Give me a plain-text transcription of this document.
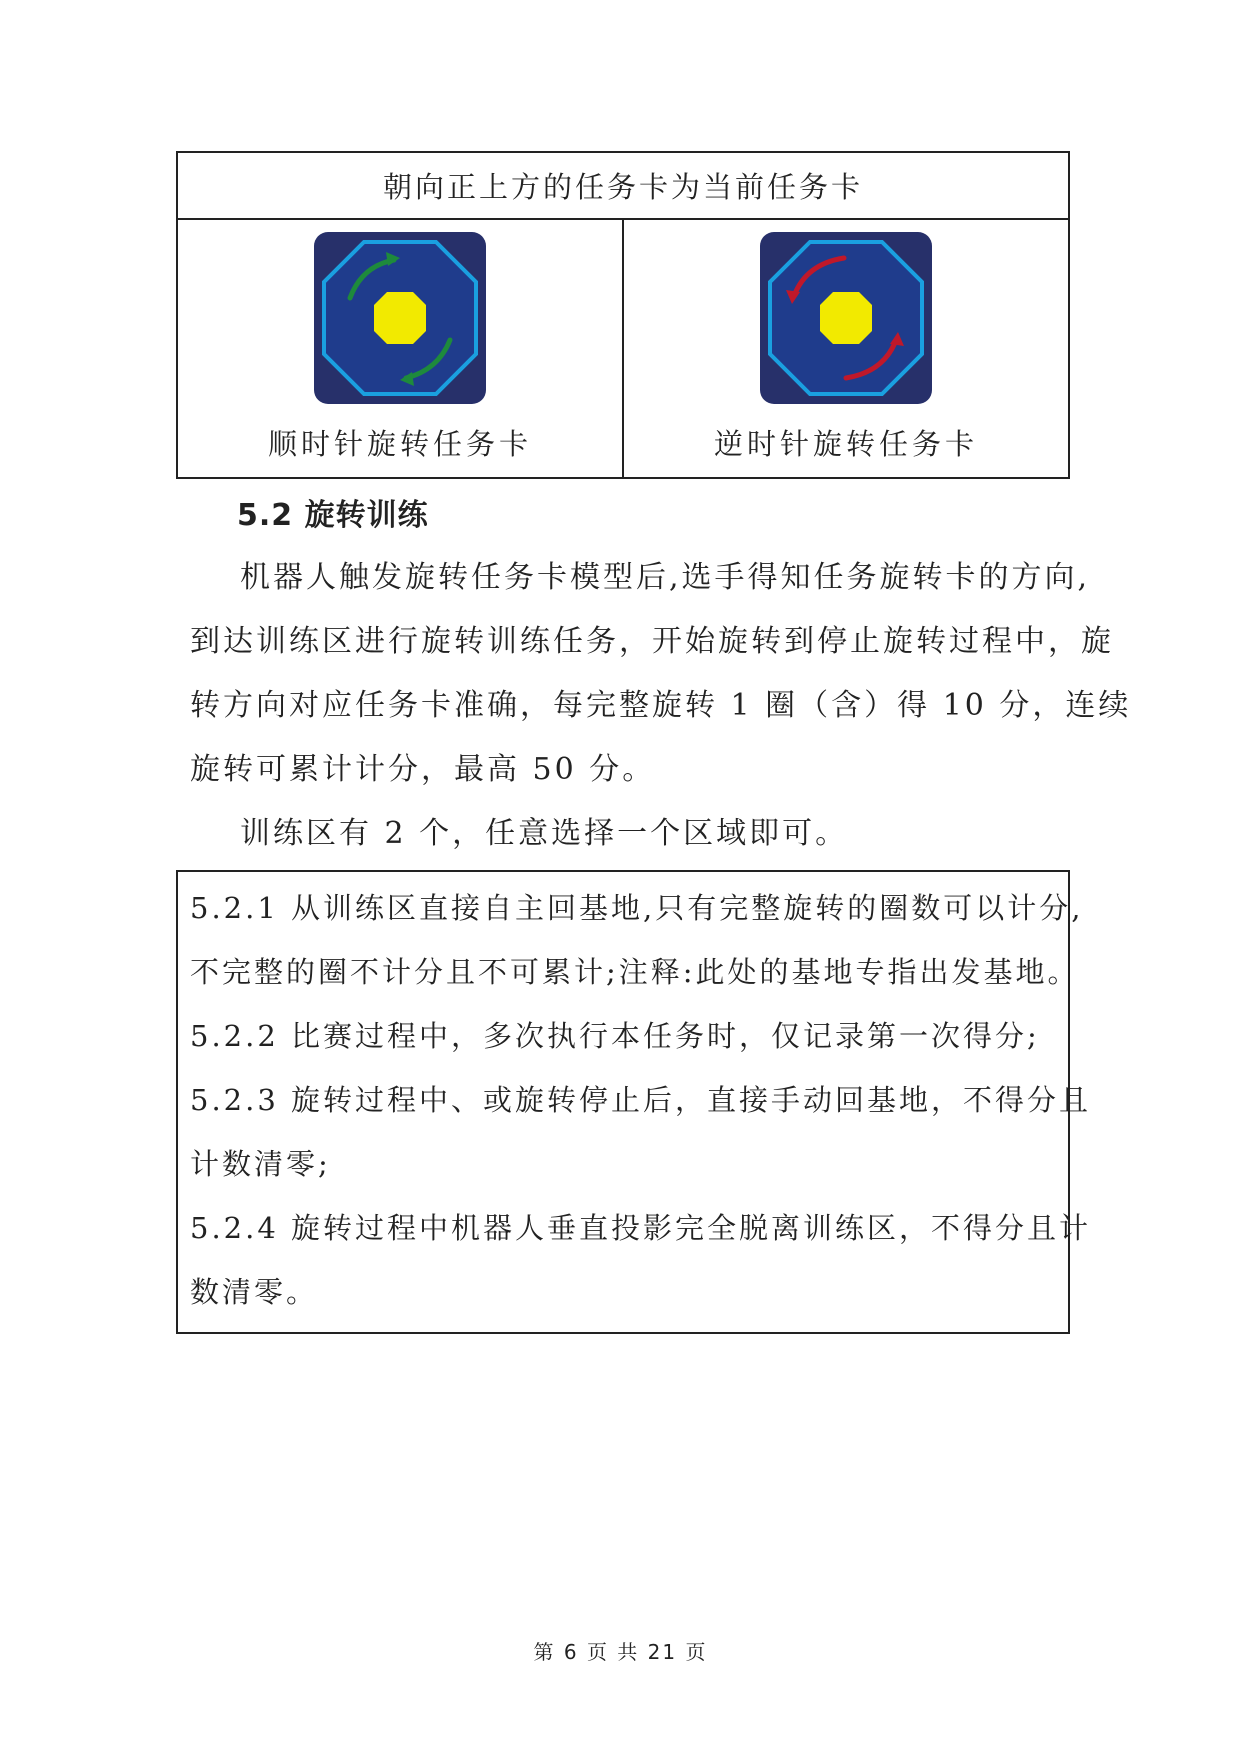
朝向正上方的任务卡为当前任务卡
顺时针旋转任务卡	逆时针旋转任务卡
5.2 旋转训练
机器人触发旋转任务卡模型后,选手得知任务旋转卡的方向,
到达训练区进行旋转训练任务，开始旋转到停止旋转过程中，旋
转方向对应任务卡准确，每完整旋转 1 圈（含）得 10 分，连续
旋转可累计计分，最高 50 分。
训练区有 2 个，任意选择一个区域即可。
5.2.1 从训练区直接自主回基地,只有完整旋转的圈数可以计分,
不完整的圈不计分且不可累计;注释:此处的基地专指出发基地。
5.2.2 比赛过程中，多次执行本任务时，仅记录第一次得分;
5.2.3 旋转过程中、或旋转停止后，直接手动回基地，不得分且
计数清零;
5.2.4 旋转过程中机器人垂直投影完全脱离训练区，不得分且计
数清零。
第 6 页 共 21 页
